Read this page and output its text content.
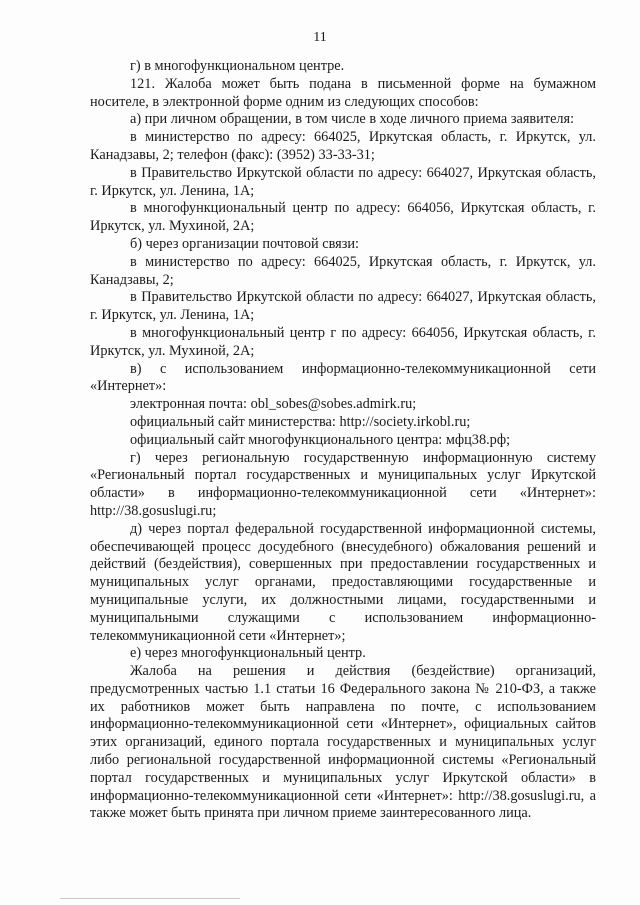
11

г) в многофункциональном центре.

121. Жалоба может быть подана в письменной форме на бумажном носителе, в электронной форме одним из следующих способов:

а) при личном обращении, в том числе в ходе личного приема заявителя:

в министерство по адресу: 664025, Иркутская область, г. Иркутск, ул. Канадзавы, 2; телефон (факс): (3952) 33-33-31;

в Правительство Иркутской области по адресу: 664027, Иркутская область, г. Иркутск, ул. Ленина, 1А;

в многофункциональный центр по адресу: 664056, Иркутская область, г. Иркутск, ул. Мухиной, 2А;

б) через организации почтовой связи:

в министерство по адресу: 664025, Иркутская область, г. Иркутск, ул. Канадзавы, 2;

в Правительство Иркутской области по адресу: 664027, Иркутская область, г. Иркутск, ул. Ленина, 1А;

в многофункциональный центр г по адресу: 664056, Иркутская область, г. Иркутск, ул. Мухиной, 2А;

в) с использованием информационно-телекоммуникационной сети «Интернет»:

электронная почта: obl_sobes@sobes.admirk.ru;

официальный сайт министерства: http://society.irkobl.ru;

официальный сайт многофункционального центра: мфц38.рф;

г) через региональную государственную информационную систему «Региональный портал государственных и муниципальных услуг Иркутской области» в информационно-телекоммуникационной сети «Интернет»: http://38.gosuslugi.ru;

д) через портал федеральной государственной информационной системы, обеспечивающей процесс досудебного (внесудебного) обжалования решений и действий (бездействия), совершенных при предоставлении государственных и муниципальных услуг органами, предоставляющими государственные и муниципальные услуги, их должностными лицами, государственными и муниципальными служащими с использованием информационно-телекоммуникационной сети «Интернет»;

е) через многофункциональный центр.

Жалоба на решения и действия (бездействие) организаций, предусмотренных частью 1.1 статьи 16 Федерального закона № 210-ФЗ, а также их работников может быть направлена по почте, с использованием информационно-телекоммуникационной сети «Интернет», официальных сайтов этих организаций, единого портала государственных и муниципальных услуг либо региональной государственной информационной системы «Региональный портал государственных и муниципальных услуг Иркутской области» в информационно-телекоммуникационной сети «Интернет»: http://38.gosuslugi.ru, а также может быть принята при личном приеме заинтересованного лица.
